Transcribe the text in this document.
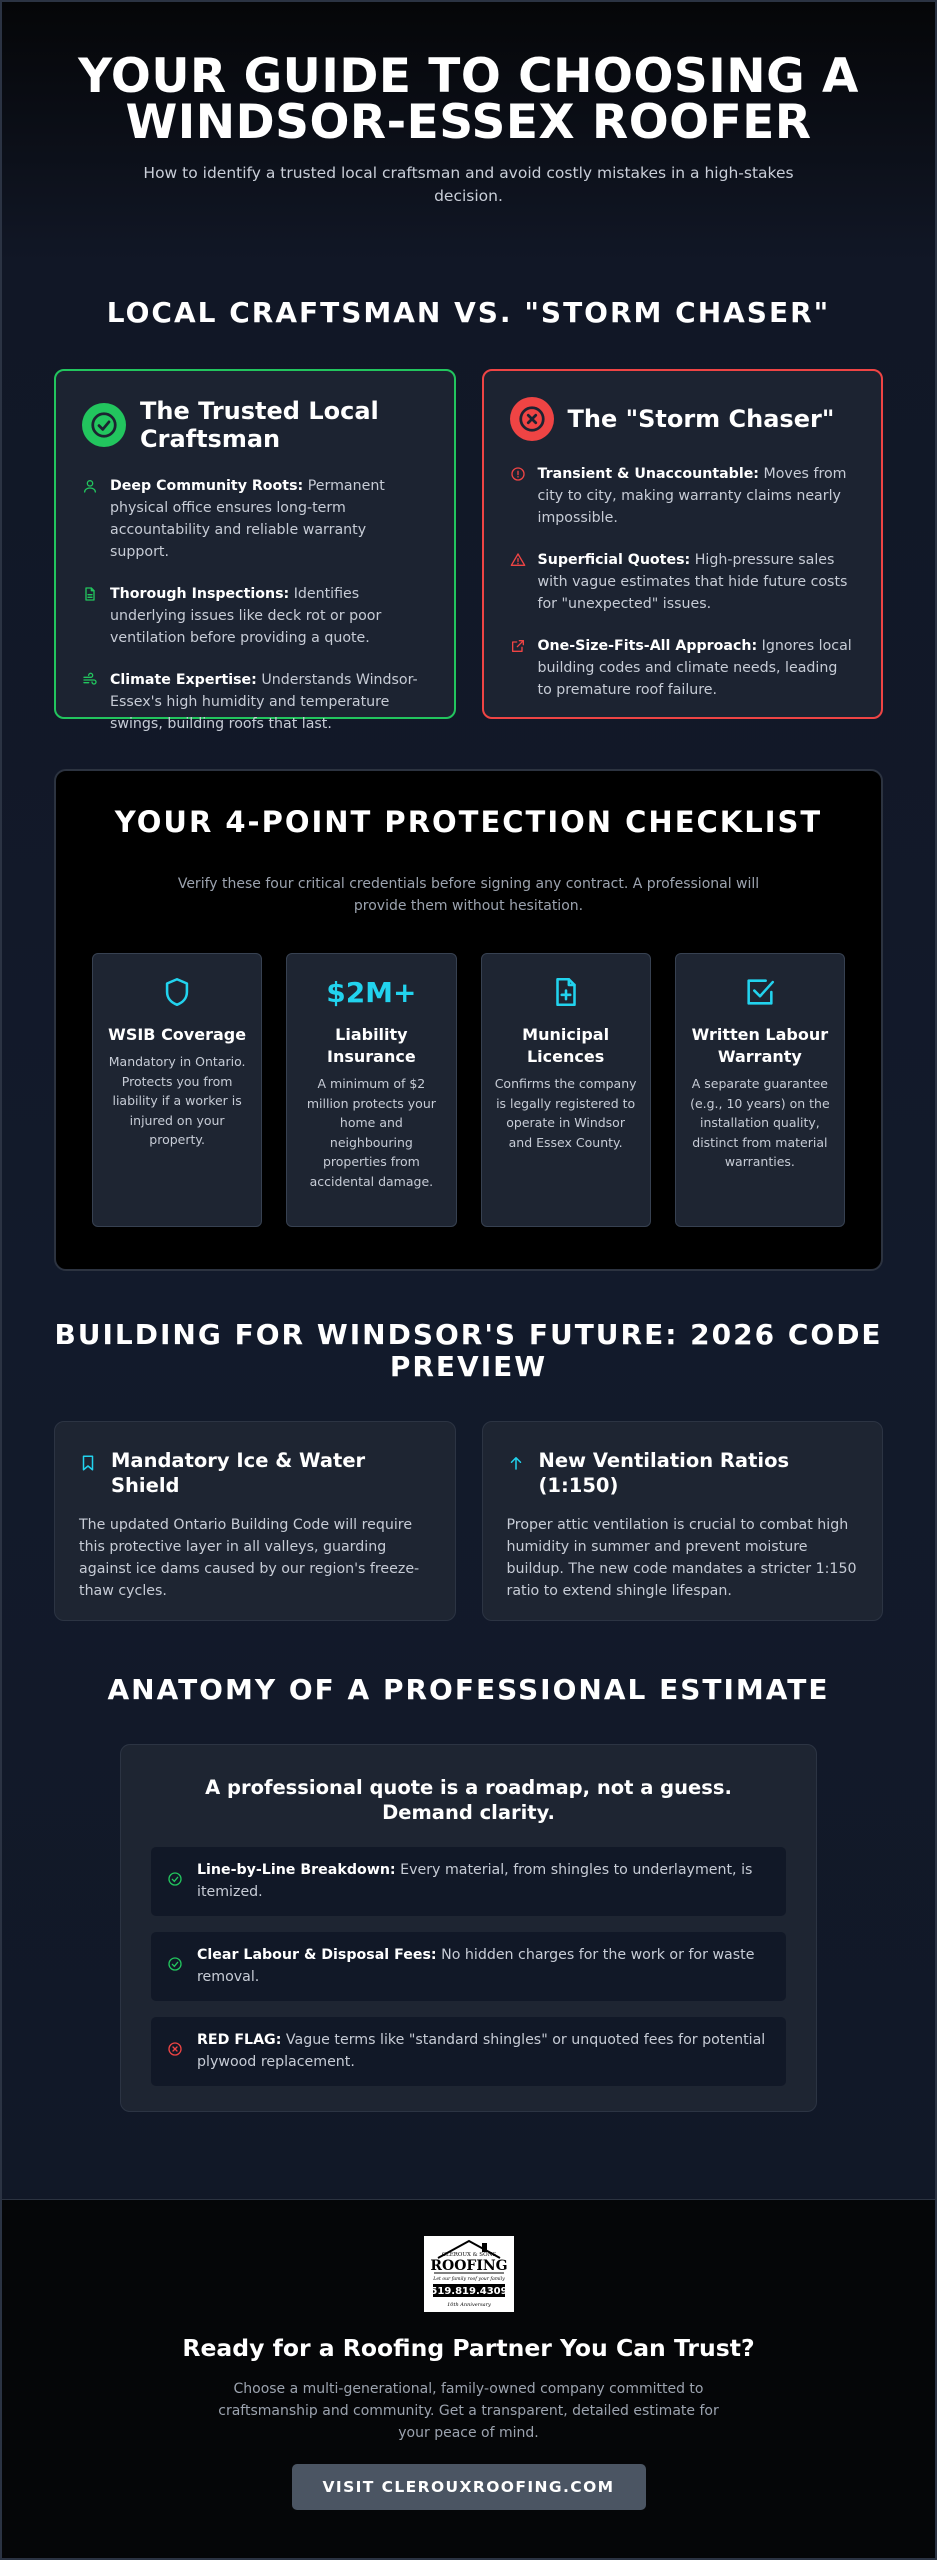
YOUR GUIDE TO CHOOSING A
WINDSOR-ESSEX ROOFER

How to identify a trusted local craftsman and avoid costly mistakes in a high-stakes decision.

LOCAL CRAFTSMAN VS. "STORM CHASER"
The Trusted Local Craftsman

Deep Community Roots: Permanent physical office ensures long-term accountability and reliable warranty support.

Thorough Inspections: Identifies underlying issues like deck rot or poor ventilation before providing a quote.

Climate Expertise: Understands Windsor-Essex's high humidity and temperature swings, building roofs that last.

The "Storm Chaser"

Transient & Unaccountable: Moves from city to city, making warranty claims nearly impossible.

Superficial Quotes: High-pressure sales with vague estimates that hide future costs for "unexpected" issues.

One-Size-Fits-All Approach: Ignores local building codes and climate needs, leading to premature roof failure.

YOUR 4-POINT PROTECTION CHECKLIST

Verify these four critical credentials before signing any contract. A professional will provide them without hesitation.

WSIB Coverage

Mandatory in Ontario. Protects you from liability if a worker is injured on your property.

$2M+
Liability Insurance

A minimum of $2 million protects your home and neighbouring properties from accidental damage.

Municipal Licences

Confirms the company is legally registered to operate in Windsor and Essex County.

Written Labour Warranty

A separate guarantee (e.g., 10 years) on the installation quality, distinct from material warranties.

BUILDING FOR WINDSOR'S FUTURE: 2026 CODE
PREVIEW
Mandatory Ice & Water Shield

The updated Ontario Building Code will require this protective layer in all valleys, guarding against ice dams caused by our region's freeze-thaw cycles.

New Ventilation Ratios (1:150)

Proper attic ventilation is crucial to combat high humidity in summer and prevent moisture buildup. The new code mandates a stricter 1:150 ratio to extend shingle lifespan.

ANATOMY OF A PROFESSIONAL ESTIMATE
A professional quote is a roadmap, not a guess. Demand clarity.

Line-by-Line Breakdown: Every material, from shingles to underlayment, is itemized.

Clear Labour & Disposal Fees: No hidden charges for the work or for waste removal.

RED FLAG: Vague terms like "standard shingles" or unquoted fees for potential plywood replacement.

CLEROUX & SONS
ROOFING
Let our family roof your family
519.819.4309
10th Anniversary
Ready for a Roofing Partner You Can Trust?

Choose a multi-generational, family-owned company committed to craftsmanship and community. Get a transparent, detailed estimate for your peace of mind.

VISIT CLEROUXROOFING.COM
